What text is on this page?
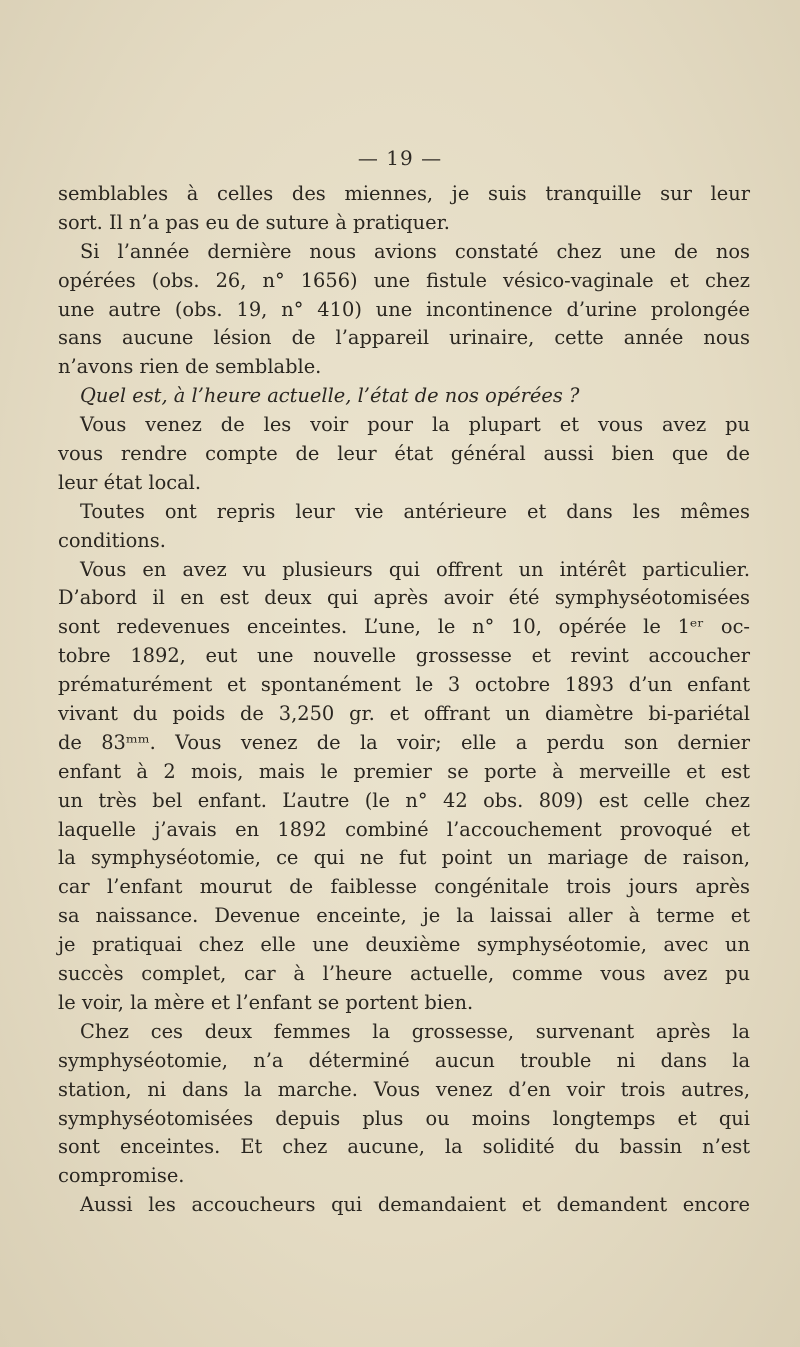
— 19 —
semblables à celles des miennes, je suis tranquille sur leur
sort. Il n’a pas eu de suture à pratiquer.
Si l’année dernière nous avions constaté chez une de nos
opérées (obs. 26, n° 1656) une fistule vésico-vaginale et chez
une autre (obs. 19, n° 410) une incontinence d’urine prolongée
sans aucune lésion de l’appareil urinaire, cette année nous
n’avons rien de semblable.
Quel est, à l’heure actuelle, l’état de nos opérées ?
Vous venez de les voir pour la plupart et vous avez pu
vous rendre compte de leur état général aussi bien que de
leur état local.
Toutes ont repris leur vie antérieure et dans les mêmes
conditions.
Vous en avez vu plusieurs qui offrent un intérêt particulier.
D’abord il en est deux qui après avoir été symphyséotomisées
sont redevenues enceintes. L’une, le n° 10, opérée le 1ᵉʳ oc-
tobre 1892, eut une nouvelle grossesse et revint accoucher
prématurément et spontanément le 3 octobre 1893 d’un enfant
vivant du poids de 3,250 gr. et offrant un diamètre bi-pariétal
de 83ᵐᵐ. Vous venez de la voir; elle a perdu son dernier
enfant à 2 mois, mais le premier se porte à merveille et est
un très bel enfant. L’autre (le n° 42 obs. 809) est celle chez
laquelle j’avais en 1892 combiné l’accouchement provoqué et
la symphyséotomie, ce qui ne fut point un mariage de raison,
car l’enfant mourut de faiblesse congénitale trois jours après
sa naissance. Devenue enceinte, je la laissai aller à terme et
je pratiquai chez elle une deuxième symphyséotomie, avec un
succès complet, car à l’heure actuelle, comme vous avez pu
le voir, la mère et l’enfant se portent bien.
Chez ces deux femmes la grossesse, survenant après la
symphyséotomie, n’a déterminé aucun trouble ni dans la
station, ni dans la marche. Vous venez d’en voir trois autres,
symphyséotomisées depuis plus ou moins longtemps et qui
sont enceintes. Et chez aucune, la solidité du bassin n’est
compromise.
Aussi les accoucheurs qui demandaient et demandent encore
